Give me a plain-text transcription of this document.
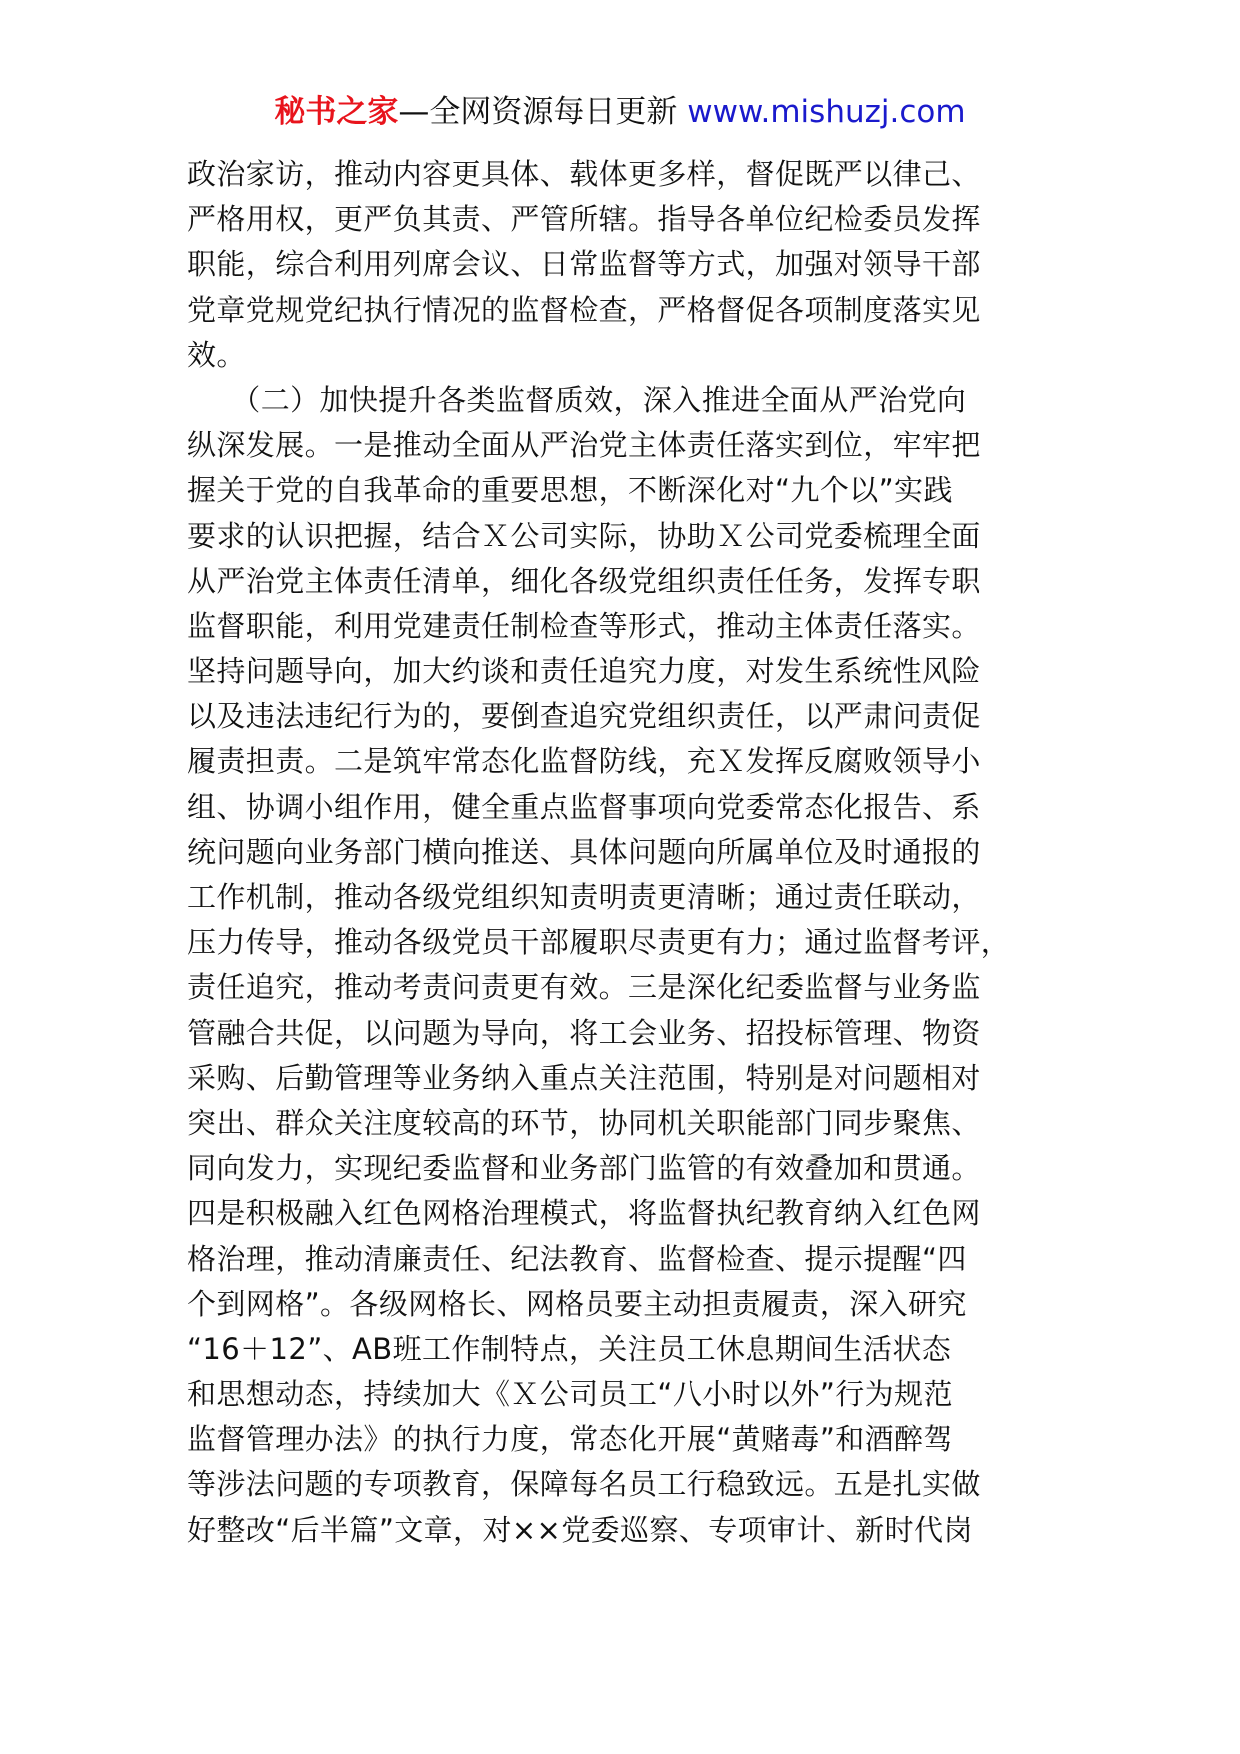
秘书之家—全网资源每日更新 www.mishuzj.com
政治家访，推动内容更具体、载体更多样，督促既严以律己、
严格用权，更严负其责、严管所辖。指导各单位纪检委员发挥
职能，综合利用列席会议、日常监督等方式，加强对领导干部
党章党规党纪执行情况的监督检查，严格督促各项制度落实见
效。
　　（二）加快提升各类监督质效，深入推进全面从严治党向
纵深发展。一是推动全面从严治党主体责任落实到位，牢牢把
握关于党的自我革命的重要思想，不断深化对“九个以”实践
要求的认识把握，结合Ｘ公司实际，协助Ｘ公司党委梳理全面
从严治党主体责任清单，细化各级党组织责任任务，发挥专职
监督职能，利用党建责任制检查等形式，推动主体责任落实。
坚持问题导向，加大约谈和责任追究力度，对发生系统性风险
以及违法违纪行为的，要倒查追究党组织责任，以严肃问责促
履责担责。二是筑牢常态化监督防线，充Ｘ发挥反腐败领导小
组、协调小组作用，健全重点监督事项向党委常态化报告、系
统问题向业务部门横向推送、具体问题向所属单位及时通报的
工作机制，推动各级党组织知责明责更清晰；通过责任联动，
压力传导，推动各级党员干部履职尽责更有力；通过监督考评，
责任追究，推动考责问责更有效。三是深化纪委监督与业务监
管融合共促，以问题为导向，将工会业务、招投标管理、物资
采购、后勤管理等业务纳入重点关注范围，特别是对问题相对
突出、群众关注度较高的环节，协同机关职能部门同步聚焦、
同向发力，实现纪委监督和业务部门监管的有效叠加和贯通。
四是积极融入红色网格治理模式，将监督执纪教育纳入红色网
格治理，推动清廉责任、纪法教育、监督检查、提示提醒“四
个到网格”。各级网格长、网格员要主动担责履责，深入研究
“16＋12”、AB班工作制特点，关注员工休息期间生活状态
和思想动态，持续加大《Ｘ公司员工“八小时以外”行为规范
监督管理办法》的执行力度，常态化开展“黄赌毒”和酒醉驾
等涉法问题的专项教育，保障每名员工行稳致远。五是扎实做
好整改“后半篇”文章，对××党委巡察、专项审计、新时代岗
